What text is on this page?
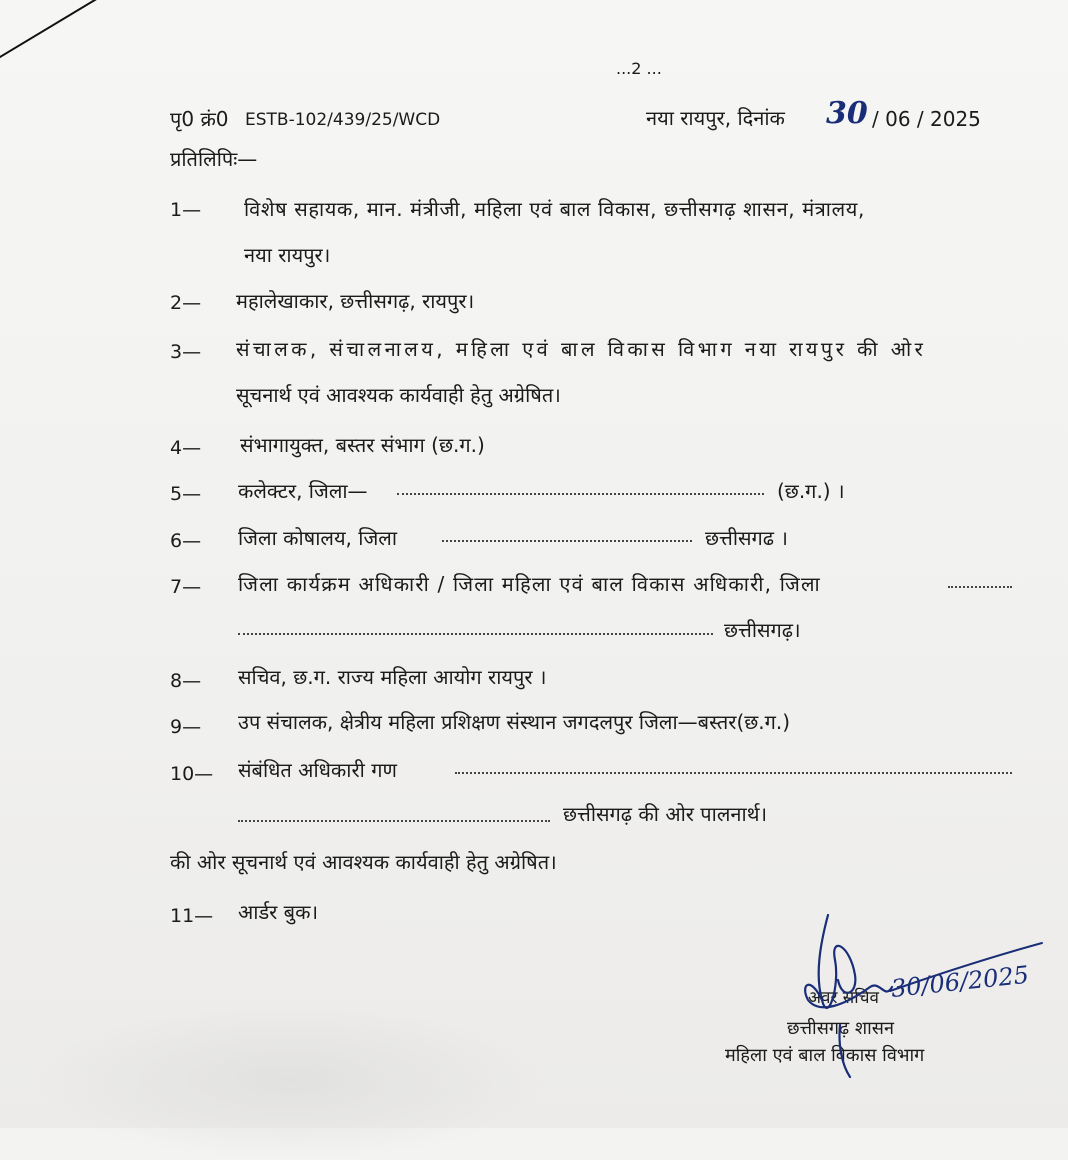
...2 ...
पृ0 क्रं0 ESTB-102/439/25/WCD	नया रायपुर, दिनांक 30 / 06 / 2025
प्रतिलिपिः—
1— विशेष सहायक, मान. मंत्रीजी, महिला एवं बाल विकास, छत्तीसगढ़ शासन, मंत्रालय,
नया रायपुर।
2— महालेखाकार, छत्तीसगढ़, रायपुर।
3— संचालक, संचालनालय, महिला एवं बाल विकास विभाग नया रायपुर की ओर
सूचनार्थ एवं आवश्यक कार्यवाही हेतु अग्रेषित।
4— संभागायुक्त, बस्तर संभाग (छ.ग.)
5— कलेक्टर, जिला—	(छ.ग.) ।
6— जिला कोषालय, जिला	छत्तीसगढ ।
7— जिला कार्यक्रम अधिकारी / जिला महिला एवं बाल विकास अधिकारी, जिला
छत्तीसगढ़।
8— सचिव, छ.ग. राज्य महिला आयोग रायपुर ।
9— उप संचालक, क्षेत्रीय महिला प्रशिक्षण संस्थान जगदलपुर जिला—बस्तर(छ.ग.)
10— संबंधित अधिकारी गण
छत्तीसगढ़ की ओर पालनार्थ।
की ओर सूचनार्थ एवं आवश्यक कार्यवाही हेतु अग्रेषित।
11— आर्डर बुक।
अवर सचिव
छत्तीसगढ़ शासन
महिला एवं बाल विकास विभाग
30/06/2025
